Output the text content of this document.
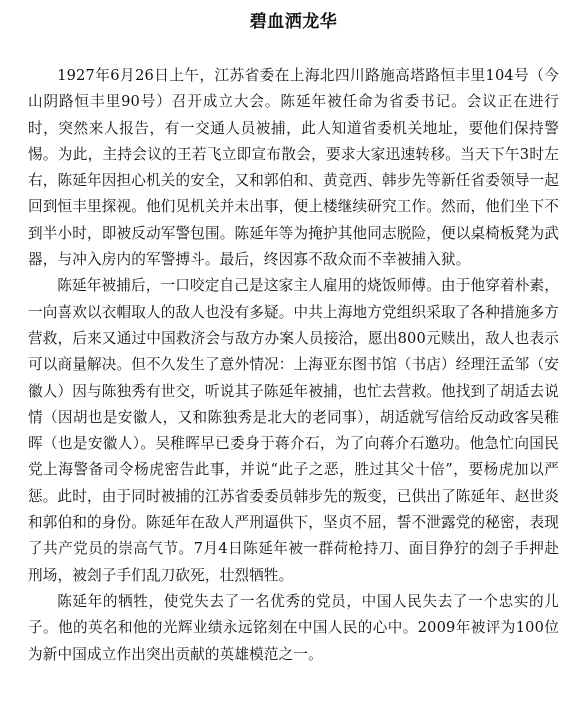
碧血洒龙华

1927年6月26日上午，江苏省委在上海北四川路施高塔路恒丰里104号（今山阴路恒丰里90号）召开成立大会。陈延年被任命为省委书记。会议正在进行时，突然来人报告，有一交通人员被捕，此人知道省委机关地址，要他们保持警惕。为此，主持会议的王若飞立即宣布散会，要求大家迅速转移。当天下午3时左右，陈延年因担心机关的安全，又和郭伯和、黄竞西、韩步先等新任省委领导一起回到恒丰里探视。他们见机关并未出事，便上楼继续研究工作。然而，他们坐下不到半小时，即被反动军警包围。陈延年等为掩护其他同志脱险，便以桌椅板凳为武器，与冲入房内的军警搏斗。最后，终因寡不敌众而不幸被捕入狱。

陈延年被捕后，一口咬定自己是这家主人雇用的烧饭师傅。由于他穿着朴素，一向喜欢以衣帽取人的敌人也没有多疑。中共上海地方党组织采取了各种措施多方营救，后来又通过中国救济会与敌方办案人员接洽，愿出800元赎出，敌人也表示可以商量解决。但不久发生了意外情况：上海亚东图书馆（书店）经理汪孟邹（安徽人）因与陈独秀有世交，听说其子陈延年被捕，也忙去营救。他找到了胡适去说情（因胡也是安徽人，又和陈独秀是北大的老同事），胡适就写信给反动政客吴稚晖（也是安徽人）。吴稚晖早已委身于蒋介石，为了向蒋介石邀功。他急忙向国民党上海警备司令杨虎密告此事，并说“此子之恶，胜过其父十倍”，要杨虎加以严惩。此时，由于同时被捕的江苏省委委员韩步先的叛变，已供出了陈延年、赵世炎和郭伯和的身份。陈延年在敌人严刑逼供下，坚贞不屈，誓不泄露党的秘密，表现了共产党员的崇高气节。7月4日陈延年被一群荷枪持刀、面目狰狞的刽子手押赴刑场，被刽子手们乱刀砍死，壮烈牺牲。

陈延年的牺牲，使党失去了一名优秀的党员，中国人民失去了一个忠实的儿子。他的英名和他的光辉业绩永远铭刻在中国人民的心中。2009年被评为100位为新中国成立作出突出贡献的英雄模范之一。
